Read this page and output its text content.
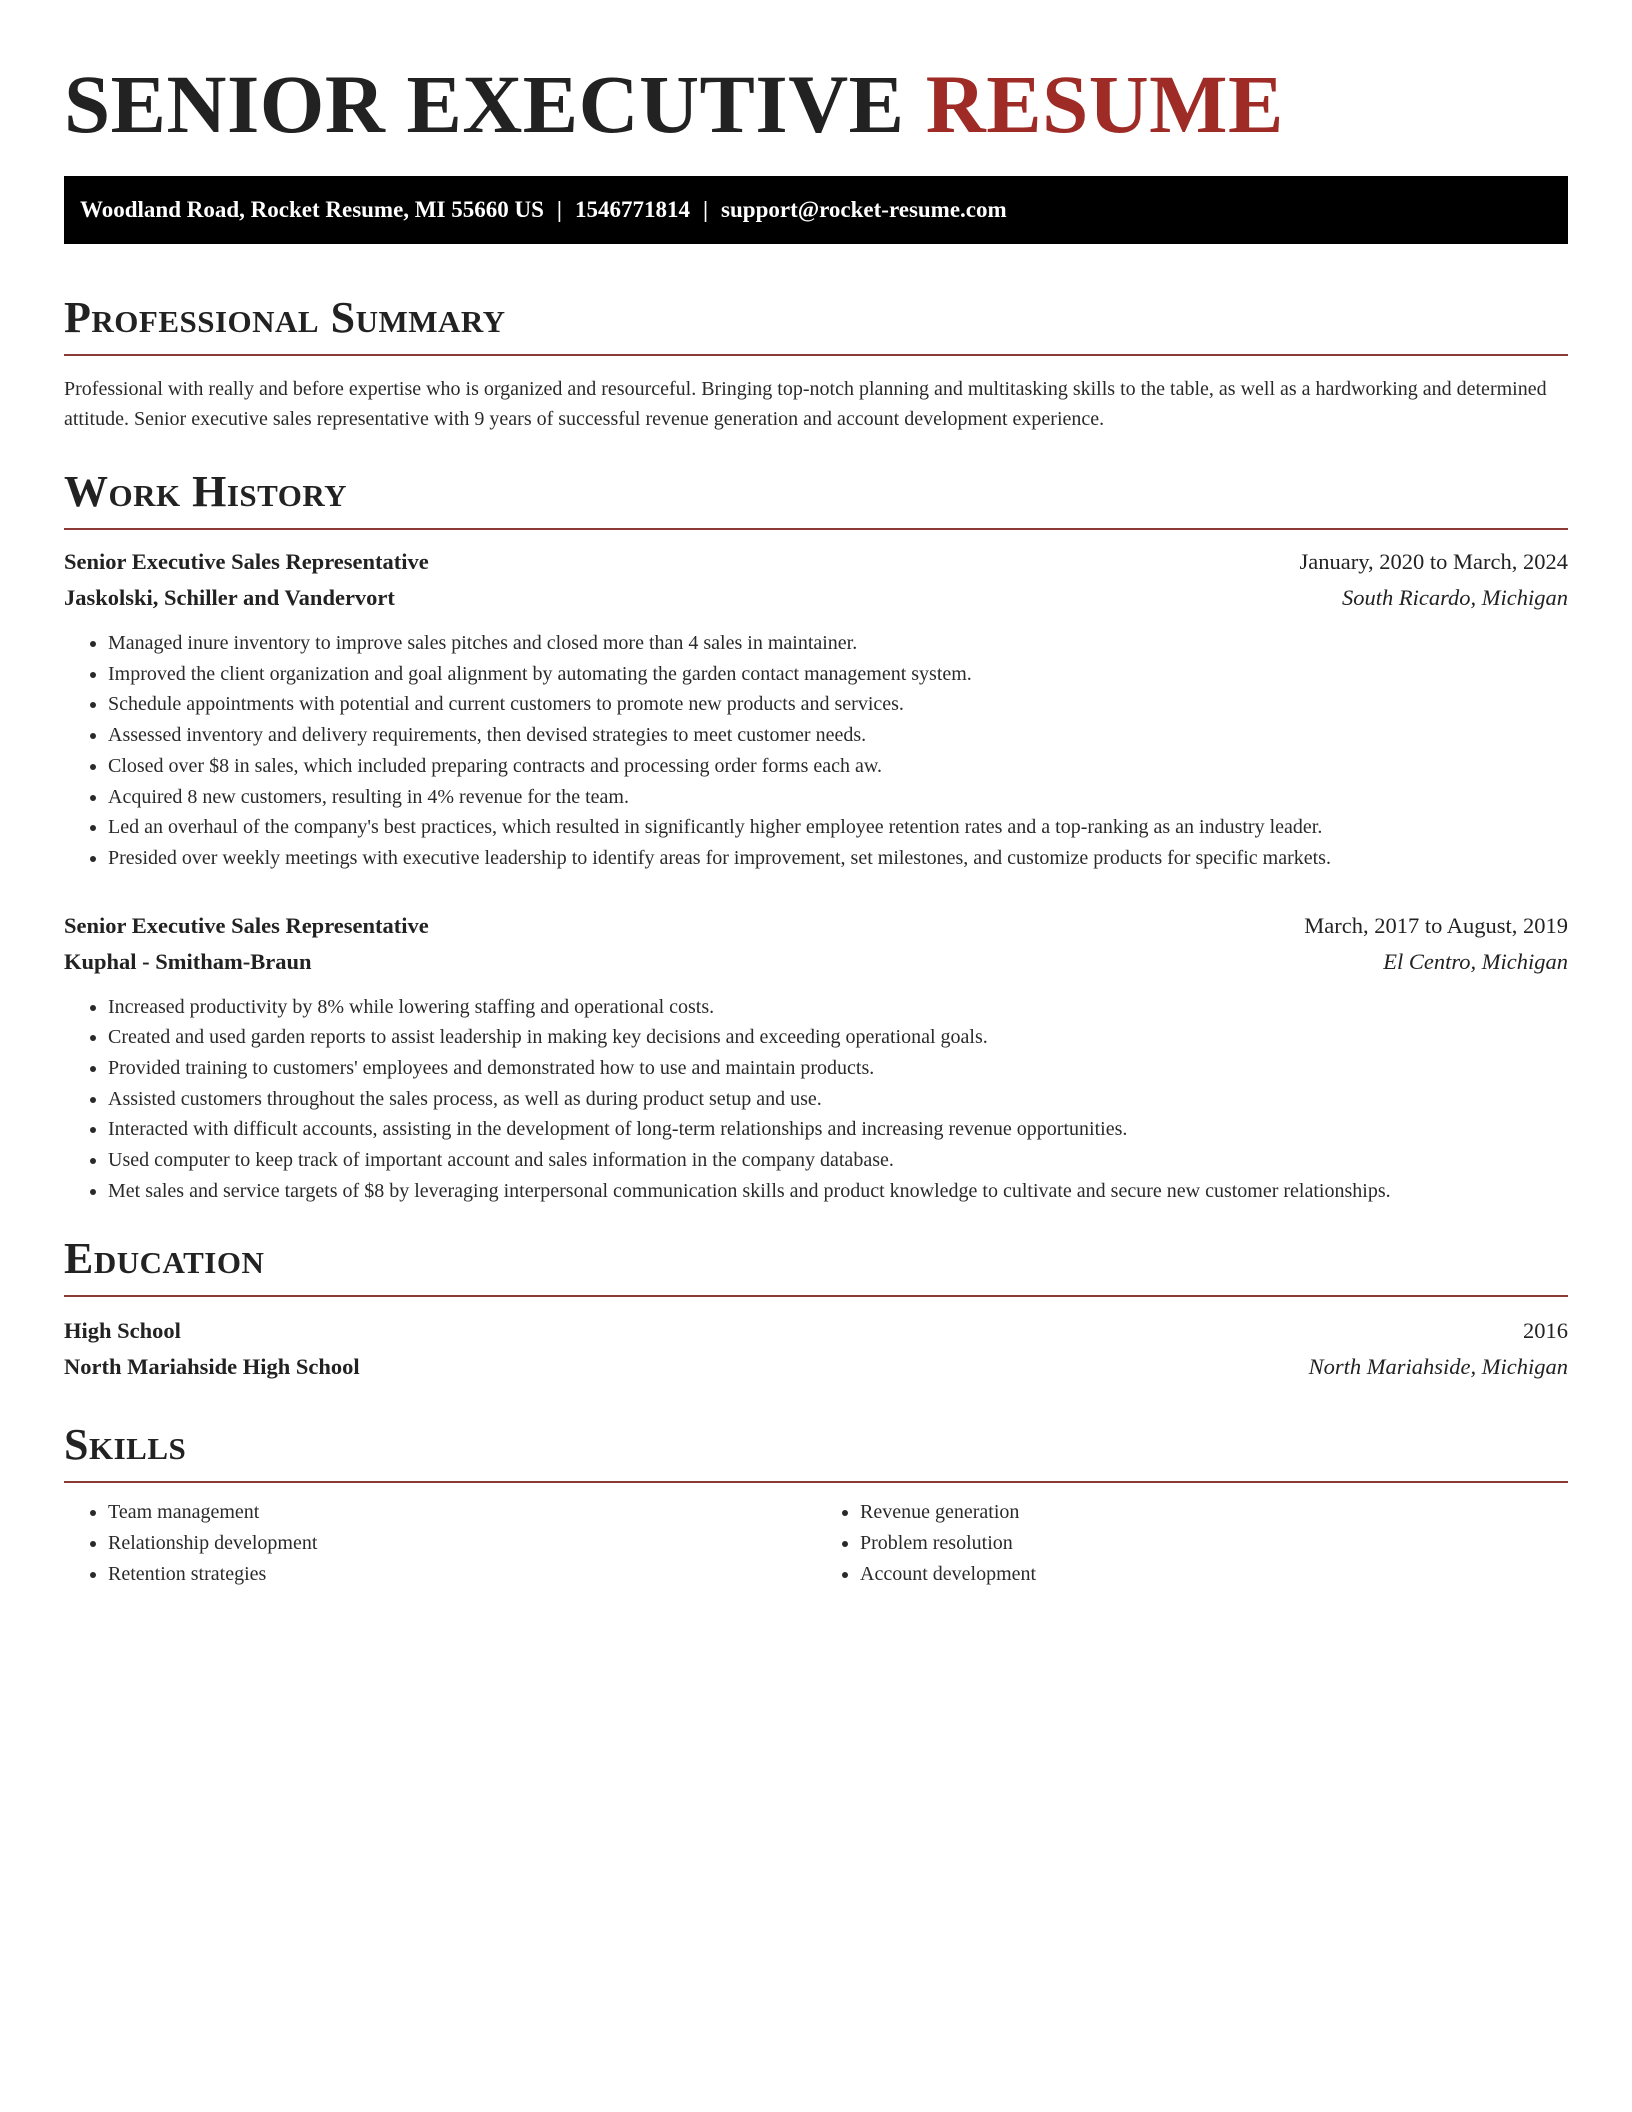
SENIOR EXECUTIVE RESUME
Woodland Road, Rocket Resume, MI 55660 US | 1546771814 | support@rocket-resume.com
Professional Summary

Professional with really and before expertise who is organized and resourceful. Bringing top-notch planning and multitasking skills to the table, as well as a hardworking and determined attitude. Senior executive sales representative with 9 years of successful revenue generation and account development experience.

Work History
Senior Executive Sales Representative	January, 2020 to March, 2024
Jaskolski, Schiller and Vandervort	South Ricardo, Michigan
• Managed inure inventory to improve sales pitches and closed more than 4 sales in maintainer.
• Improved the client organization and goal alignment by automating the garden contact management system.
• Schedule appointments with potential and current customers to promote new products and services.
• Assessed inventory and delivery requirements, then devised strategies to meet customer needs.
• Closed over $8 in sales, which included preparing contracts and processing order forms each aw.
• Acquired 8 new customers, resulting in 4% revenue for the team.
• Led an overhaul of the company's best practices, which resulted in significantly higher employee retention rates and a top-ranking as an industry leader.
• Presided over weekly meetings with executive leadership to identify areas for improvement, set milestones, and customize products for specific markets.
Senior Executive Sales Representative	March, 2017 to August, 2019
Kuphal - Smitham-Braun	El Centro, Michigan
• Increased productivity by 8% while lowering staffing and operational costs.
• Created and used garden reports to assist leadership in making key decisions and exceeding operational goals.
• Provided training to customers' employees and demonstrated how to use and maintain products.
• Assisted customers throughout the sales process, as well as during product setup and use.
• Interacted with difficult accounts, assisting in the development of long-term relationships and increasing revenue opportunities.
• Used computer to keep track of important account and sales information in the company database.
• Met sales and service targets of $8 by leveraging interpersonal communication skills and product knowledge to cultivate and secure new customer relationships.
Education
High School	2016
North Mariahside High School	North Mariahside, Michigan
Skills
• Team management
• Relationship development
• Retention strategies
• Revenue generation
• Problem resolution
• Account development
